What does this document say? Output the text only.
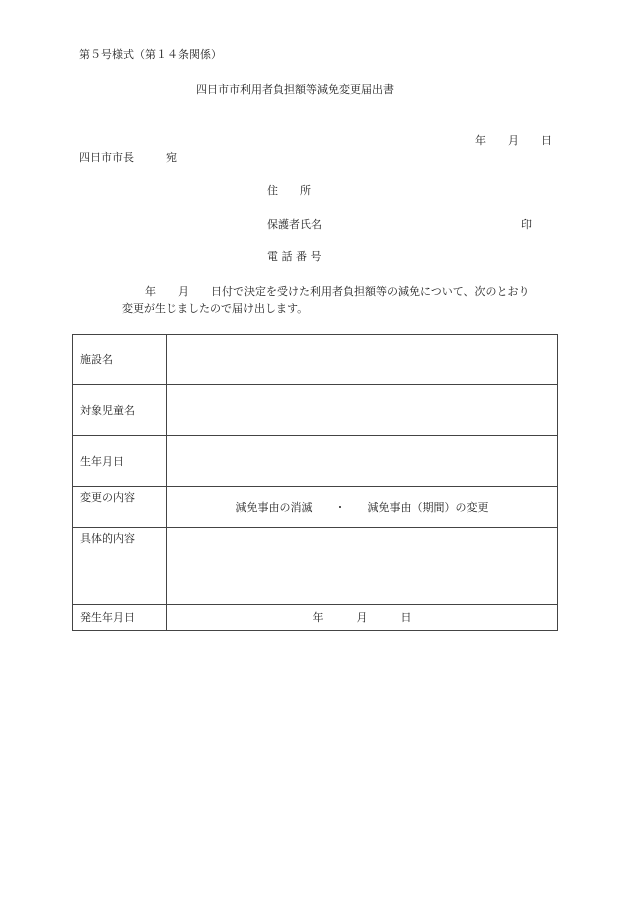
第５号様式（第１４条関係）
四日市市利用者負担額等減免変更届出書
年 月 日
四日市市長	宛
住　　所
保護者氏名	印
電 話 番 号
年　　月　　日付で決定を受けた利用者負担額等の減免について、次のとおり
変更が生じましたので届け出します。
施設名	
対象児童名	
生年月日	
変更の内容	減免事由の消滅　　・　　減免事由（期間）の変更
具体的内容	
発生年月日	年　　　月　　　日
